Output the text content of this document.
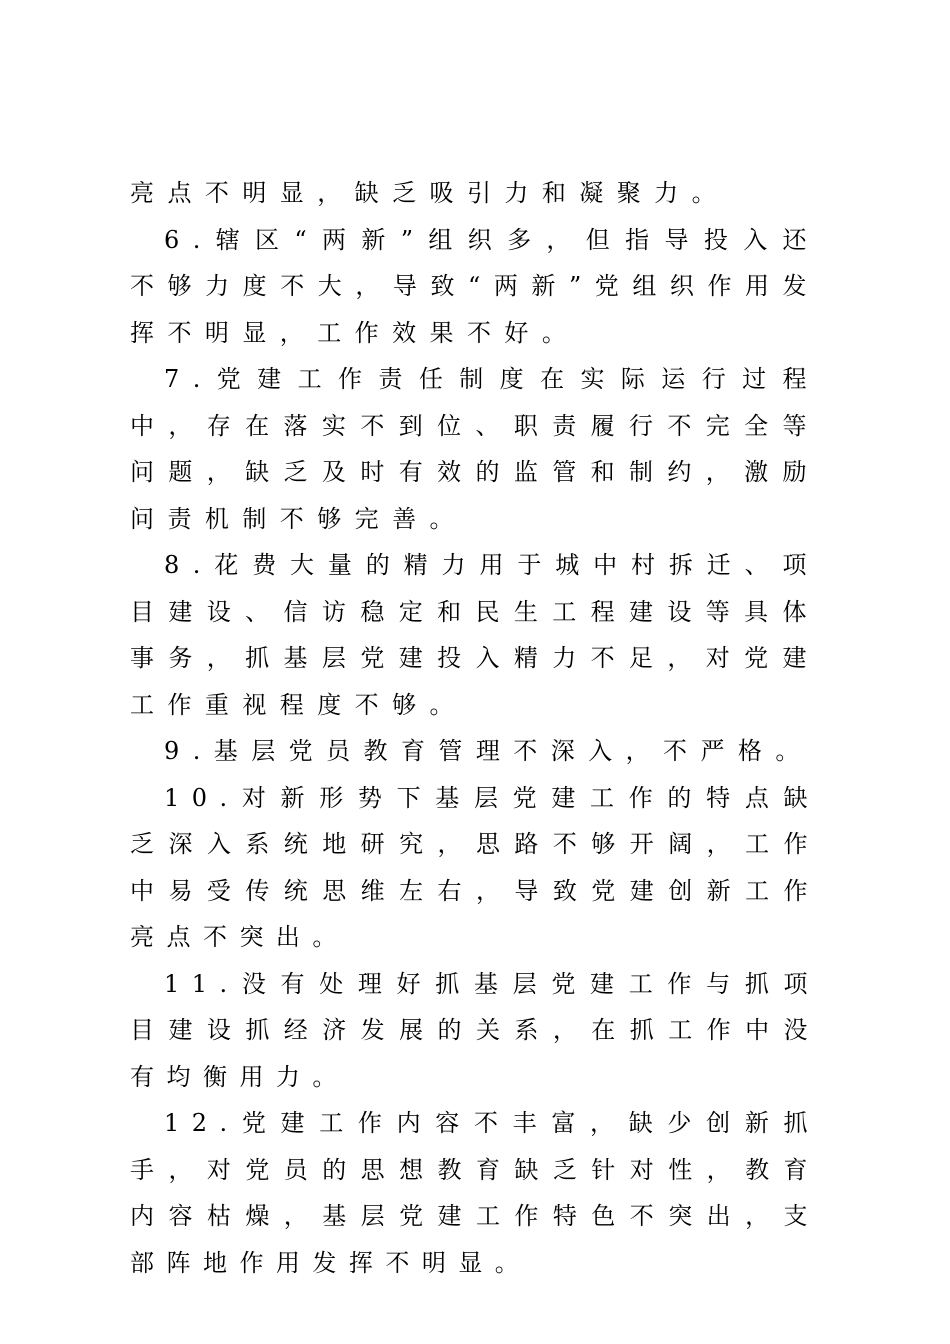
亮点不明显，缺乏吸引力和凝聚力。

6.辖区“两新”组织多，但指导投入还不够力度不大，导致“两新”党组织作用发挥不明显，工作效果不好。

7.党建工作责任制度在实际运行过程中，存在落实不到位、职责履行不完全等问题，缺乏及时有效的监管和制约，激励问责机制不够完善。

8.花费大量的精力用于城中村拆迁、项目建设、信访稳定和民生工程建设等具体事务，抓基层党建投入精力不足，对党建工作重视程度不够。

9.基层党员教育管理不深入，不严格。

10.对新形势下基层党建工作的特点缺乏深入系统地研究，思路不够开阔，工作中易受传统思维左右，导致党建创新工作亮点不突出。

11.没有处理好抓基层党建工作与抓项目建设抓经济发展的关系，在抓工作中没有均衡用力。

12.党建工作内容不丰富，缺少创新抓手，对党员的思想教育缺乏针对性，教育内容枯燥，基层党建工作特色不突出，支部阵地作用发挥不明显。
